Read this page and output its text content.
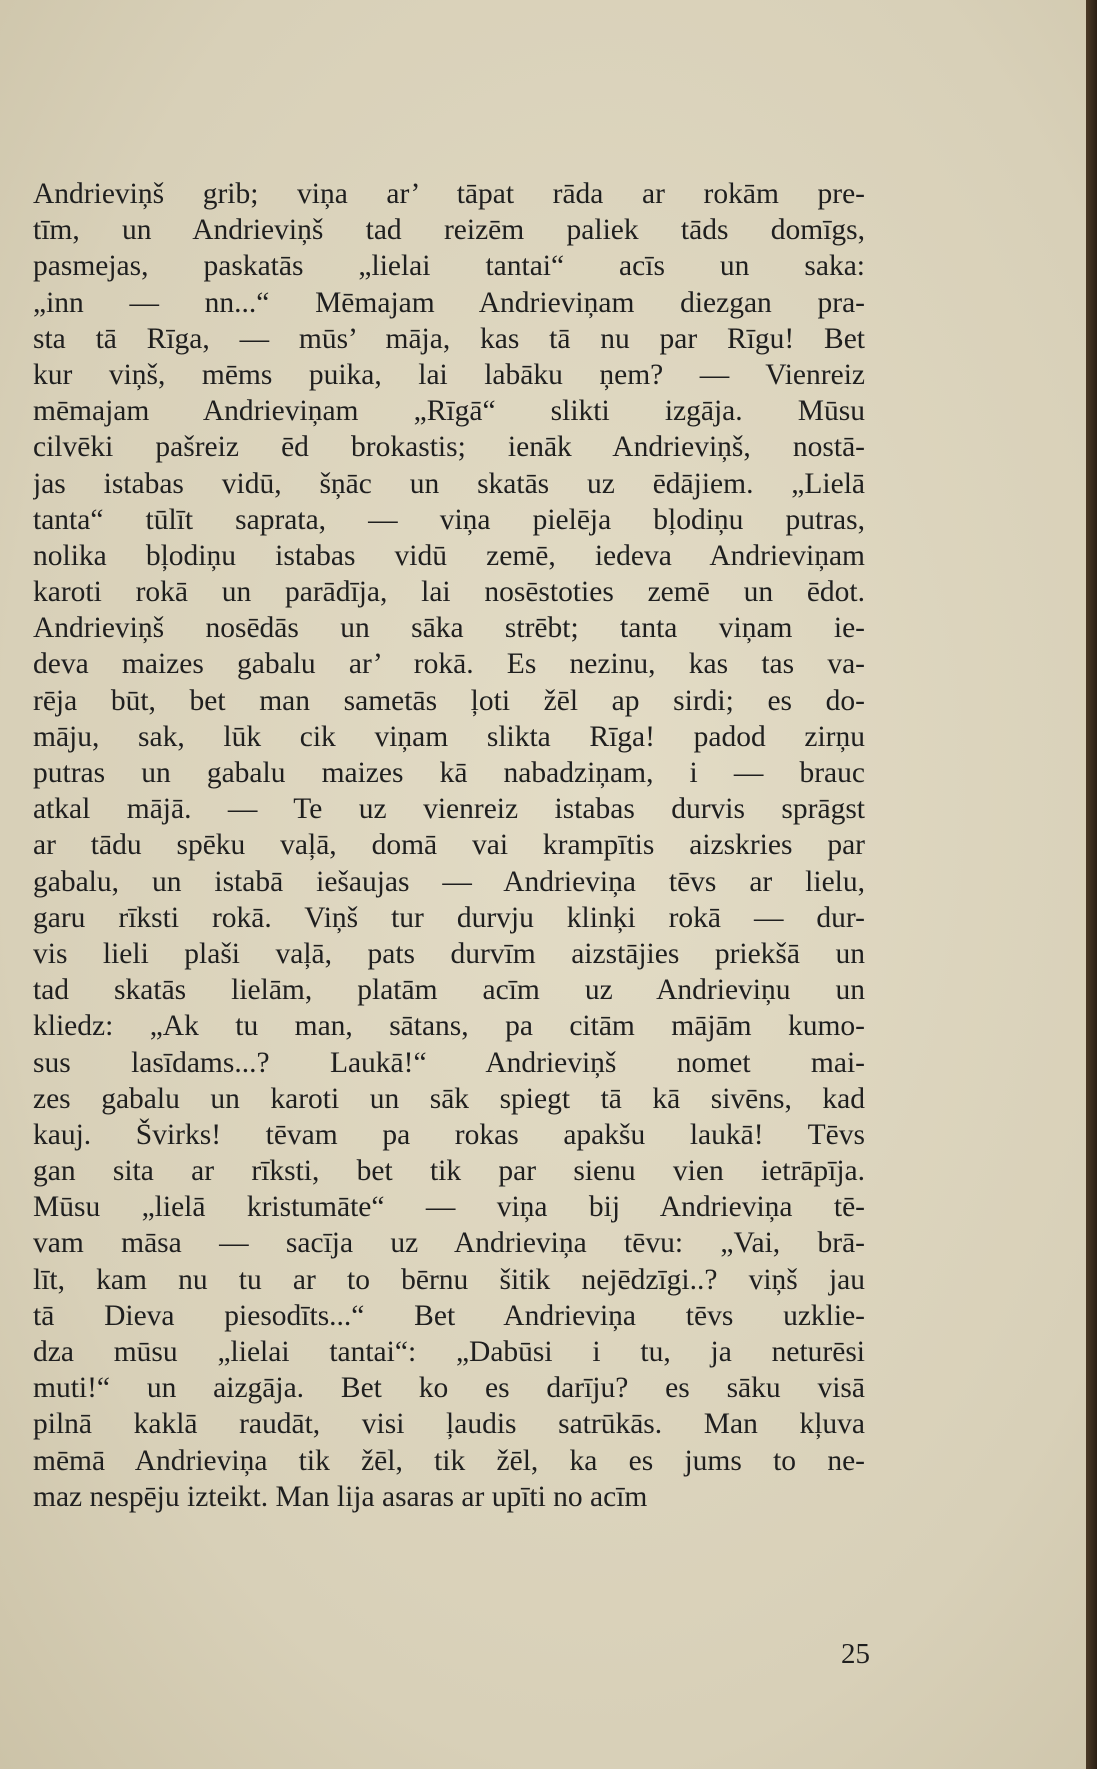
Andrieviņš grib; viņa ar’ tāpat rāda ar rokām pre-
tīm, un Andrieviņš tad reizēm paliek tāds domīgs,
pasmejas, paskatās „lielai tantai“ acīs un saka:
„inn — nn...“ Mēmajam Andrieviņam diezgan pra-
sta tā Rīga, — mūs’ māja, kas tā nu par Rīgu! Bet
kur viņš, mēms puika, lai labāku ņem? — Vienreiz
mēmajam Andrieviņam „Rīgā“ slikti izgāja. Mūsu
cilvēki pašreiz ēd brokastis; ienāk Andrieviņš, nostā-
jas istabas vidū, šņāc un skatās uz ēdājiem. „Lielā
tanta“ tūlīt saprata, — viņa pielēja bļodiņu putras,
nolika bļodiņu istabas vidū zemē, iedeva Andrieviņam
karoti rokā un parādīja, lai nosēstoties zemē un ēdot.
Andrieviņš nosēdās un sāka strēbt; tanta viņam ie-
deva maizes gabalu ar’ rokā. Es nezinu, kas tas va-
rēja būt, bet man sametās ļoti žēl ap sirdi; es do-
māju, sak, lūk cik viņam slikta Rīga! padod zirņu
putras un gabalu maizes kā nabadziņam, i — brauc
atkal mājā. — Te uz vienreiz istabas durvis sprāgst
ar tādu spēku vaļā, domā vai krampītis aizskries par
gabalu, un istabā iešaujas — Andrieviņa tēvs ar lielu,
garu rīksti rokā. Viņš tur durvju klinķi rokā — dur-
vis lieli plaši vaļā, pats durvīm aizstājies priekšā un
tad skatās lielām, platām acīm uz Andrieviņu un
kliedz: „Ak tu man, sātans, pa citām mājām kumo-
sus lasīdams...? Laukā!“ Andrieviņš nomet mai-
zes gabalu un karoti un sāk spiegt tā kā sivēns, kad
kauj. Švirks! tēvam pa rokas apakšu laukā! Tēvs
gan sita ar rīksti, bet tik par sienu vien ietrāpīja.
Mūsu „lielā kristumāte“ — viņa bij Andrieviņa tē-
vam māsa — sacīja uz Andrieviņa tēvu: „Vai, brā-
līt, kam nu tu ar to bērnu šitik nejēdzīgi..? viņš jau
tā Dieva piesodīts...“ Bet Andrieviņa tēvs uzklie-
dza mūsu „lielai tantai“: „Dabūsi i tu, ja neturēsi
muti!“ un aizgāja. Bet ko es darīju? es sāku visā
pilnā kaklā raudāt, visi ļaudis satrūkās. Man kļuva
mēmā Andrieviņa tik žēl, tik žēl, ka es jums to ne-
maz nespēju izteikt. Man lija asaras ar upīti no acīm
25
